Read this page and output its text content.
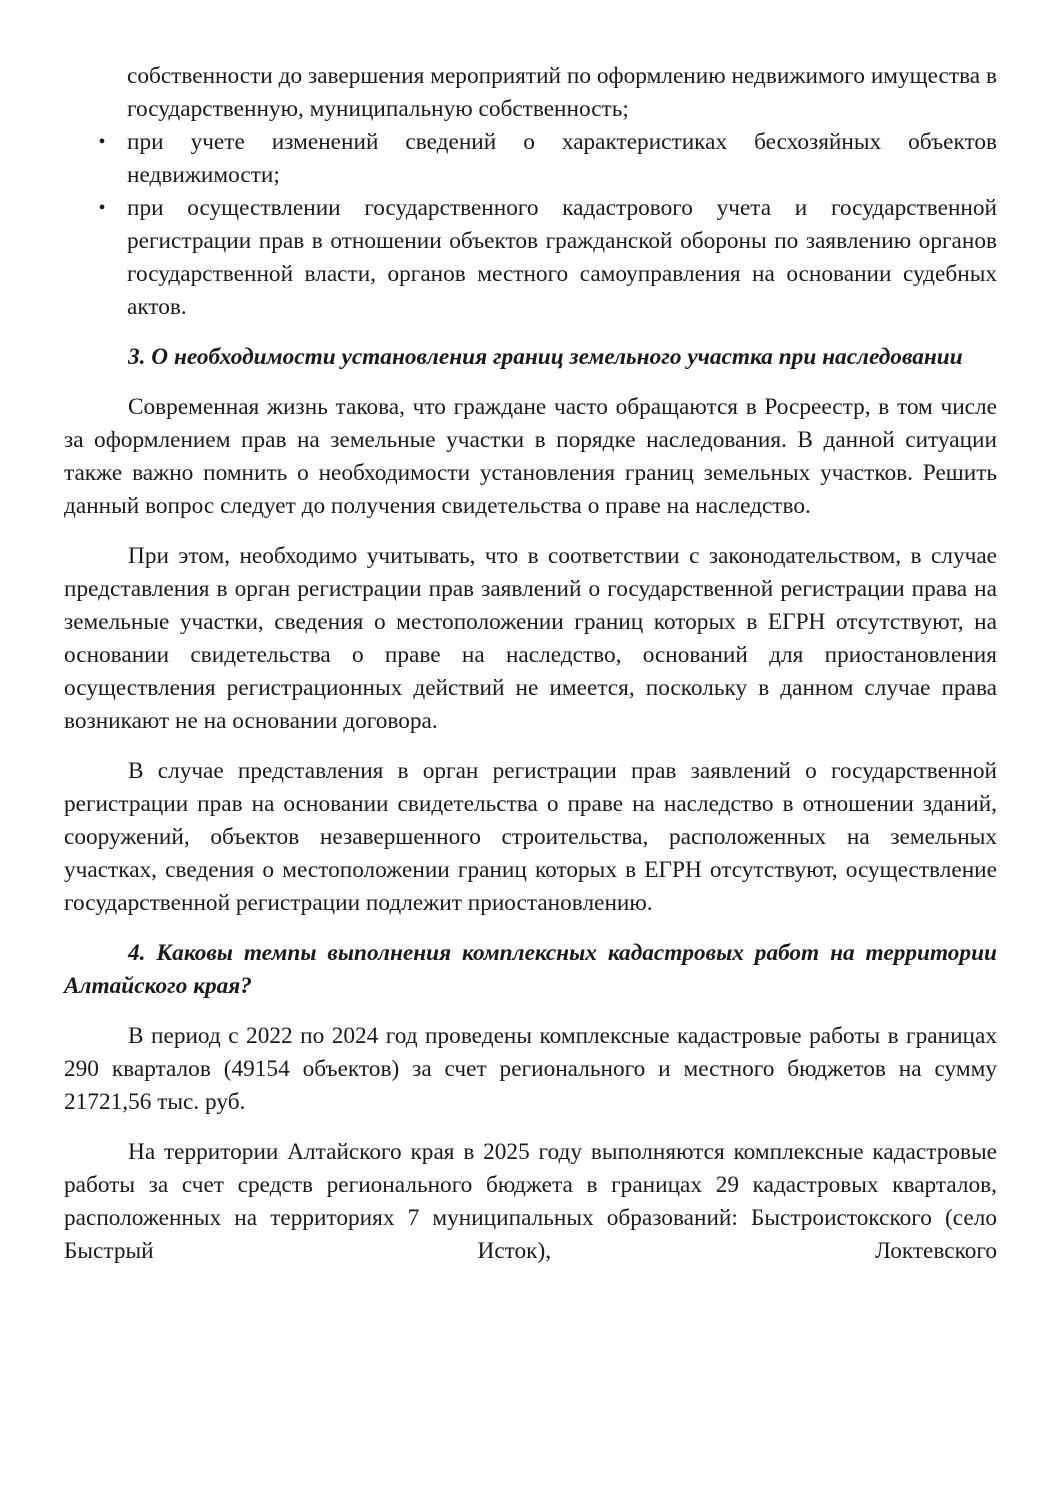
собственности до завершения мероприятий по оформлению недвижимого имущества в государственную, муниципальную собственность;

• при учете изменений сведений о характеристиках бесхозяйных объектов недвижимости;
• при осуществлении государственного кадастрового учета и государственной регистрации прав в отношении объектов гражданской обороны по заявлению органов государственной власти, органов местного самоуправления на основании судебных актов.
3. О необходимости установления границ земельного участка при наследовании

Современная жизнь такова, что граждане часто обращаются в Росреестр, в том числе за оформлением прав на земельные участки в порядке наследования. В данной ситуации также важно помнить о необходимости установления границ земельных участков. Решить данный вопрос следует до получения свидетельства о праве на наследство.

При этом, необходимо учитывать, что в соответствии с законодательством, в случае представления в орган регистрации прав заявлений о государственной регистрации права на земельные участки, сведения о местоположении границ которых в ЕГРН отсутствуют, на основании свидетельства о праве на наследство, оснований для приостановления осуществления регистрационных действий не имеется, поскольку в данном случае права возникают не на основании договора.

В случае представления в орган регистрации прав заявлений о государственной регистрации прав на основании свидетельства о праве на наследство в отношении зданий, сооружений, объектов незавершенного строительства, расположенных на земельных участках, сведения о местоположении границ которых в ЕГРН отсутствуют, осуществление государственной регистрации подлежит приостановлению.

4. Каковы темпы выполнения комплексных кадастровых работ на территории Алтайского края?

В период с 2022 по 2024 год проведены комплексные кадастровые работы в границах 290 кварталов (49154 объектов) за счет регионального и местного бюджетов на сумму 21721,56 тыс. руб.

На территории Алтайского края в 2025 году выполняются комплексные кадастровые работы за счет средств регионального бюджета в границах 29 кадастровых кварталов, расположенных на территориях 7 муниципальных образований: Быстроистокского (село Быстрый Исток), Локтевского
